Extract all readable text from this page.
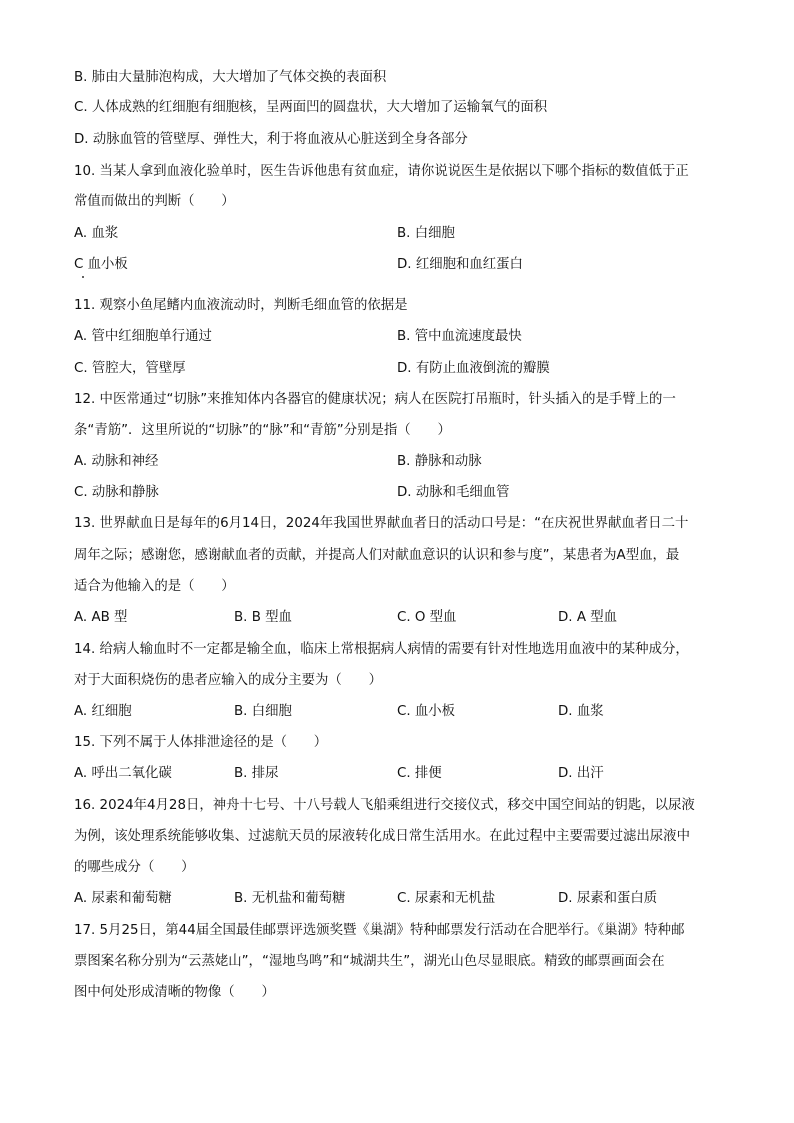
B. 肺由大量肺泡构成，大大增加了气体交换的表面积
C. 人体成熟的红细胞有细胞核，呈两面凹的圆盘状，大大增加了运输氧气的面积
D. 动脉血管的管壁厚、弹性大，利于将血液从心脏送到全身各部分
10. 当某人拿到血液化验单时，医生告诉他患有贫血症，请你说说医生是依据以下哪个指标的数值低于正
常值而做出的判断（　　）
A. 血浆	B. 白细胞
C 血小板	D. 红细胞和血红蛋白
11. 观察小鱼尾鳍内血液流动时，判断毛细血管的依据是
A. 管中红细胞单行通过	B. 管中血流速度最快
C. 管腔大，管壁厚	D. 有防止血液倒流的瓣膜
12. 中医常通过“切脉”来推知体内各器官的健康状况；病人在医院打吊瓶时，针头插入的是手臂上的一
条“青筋”．这里所说的“切脉”的“脉”和“青筋”分别是指（　　）
A. 动脉和神经	B. 静脉和动脉
C. 动脉和静脉	D. 动脉和毛细血管
13. 世界献血日是每年的6月14日，2024年我国世界献血者日的活动口号是：“在庆祝世界献血者日二十
周年之际；感谢您，感谢献血者的贡献，并提高人们对献血意识的认识和参与度”，某患者为A型血，最
适合为他输入的是（　　）
A. AB 型	B. B 型血	C. O 型血	D. A 型血
14. 给病人输血时不一定都是输全血，临床上常根据病人病情的需要有针对性地选用血液中的某种成分，
对于大面积烧伤的患者应输入的成分主要为（　　）
A. 红细胞	B. 白细胞	C. 血小板	D. 血浆
15. 下列不属于人体排泄途径的是（　　）
A. 呼出二氧化碳	B. 排尿	C. 排便	D. 出汗
16. 2024年4月28日，神舟十七号、十八号载人飞船乘组进行交接仪式，移交中国空间站的钥匙，以尿液
为例，该处理系统能够收集、过滤航天员的尿液转化成日常生活用水。在此过程中主要需要过滤出尿液中
的哪些成分（　　）
A. 尿素和葡萄糖	B. 无机盐和葡萄糖	C. 尿素和无机盐	D. 尿素和蛋白质
17. 5月25日，第44届全国最佳邮票评选颁奖暨《巢湖》特种邮票发行活动在合肥举行。《巢湖》特种邮
票图案名称分别为“云蒸姥山”，“湿地鸟鸣”和“城湖共生”，湖光山色尽显眼底。精致的邮票画面会在
图中何处形成清晰的物像（　　）
